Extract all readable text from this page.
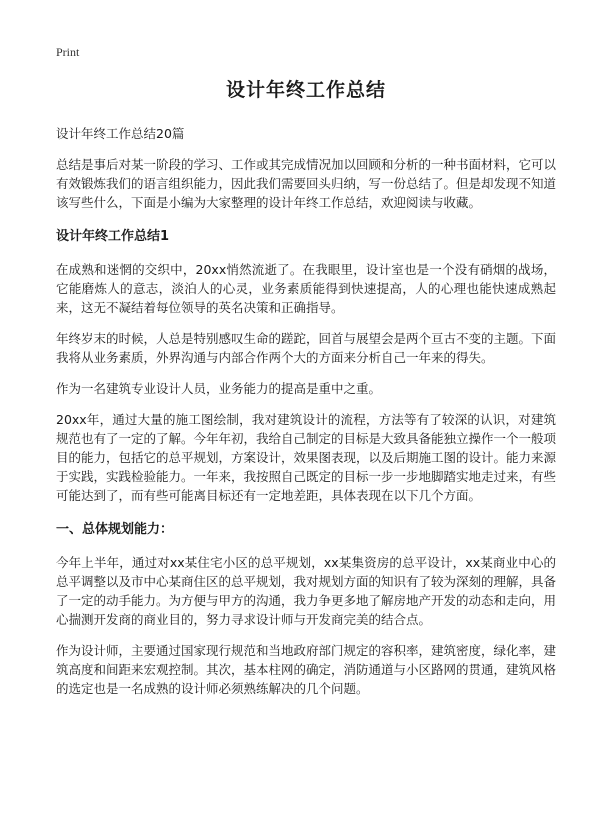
Print
设计年终工作总结
设计年终工作总结20篇

总结是事后对某一阶段的学习、工作或其完成情况加以回顾和分析的一种书面材料，它可以有效锻炼我们的语言组织能力，因此我们需要回头归纳，写一份总结了。但是却发现不知道该写些什么，下面是小编为大家整理的设计年终工作总结，欢迎阅读与收藏。

设计年终工作总结1

在成熟和迷惘的交织中，20xx悄然流逝了。在我眼里，设计室也是一个没有硝烟的战场，它能磨炼人的意志，淡泊人的心灵，业务素质能得到快速提高，人的心理也能快速成熟起来，这无不凝结着每位领导的英名决策和正确指导。

年终岁末的时候，人总是特别感叹生命的蹉跎，回首与展望会是两个亘古不变的主题。下面我将从业务素质，外界沟通与内部合作两个大的方面来分析自己一年来的得失。

作为一名建筑专业设计人员，业务能力的提高是重中之重。

20xx年，通过大量的施工图绘制，我对建筑设计的流程，方法等有了较深的认识，对建筑规范也有了一定的了解。今年年初，我给自己制定的目标是大致具备能独立操作一个一般项目的能力，包括它的总平规划，方案设计，效果图表现，以及后期施工图的设计。能力来源于实践，实践检验能力。一年来，我按照自己既定的目标一步一步地脚踏实地走过来，有些可能达到了，而有些可能离目标还有一定地差距，具体表现在以下几个方面。

一、总体规划能力：

今年上半年，通过对xx某住宅小区的总平规划，xx某集资房的总平设计，xx某商业中心的总平调整以及市中心某商住区的总平规划，我对规划方面的知识有了较为深刻的理解，具备了一定的动手能力。为方便与甲方的沟通，我力争更多地了解房地产开发的动态和走向，用心揣测开发商的商业目的，努力寻求设计师与开发商完美的结合点。

作为设计师，主要通过国家现行规范和当地政府部门规定的容积率，建筑密度，绿化率，建筑高度和间距来宏观控制。其次，基本柱网的确定，消防通道与小区路网的贯通，建筑风格的选定也是一名成熟的设计师必须熟练解决的几个问题。
